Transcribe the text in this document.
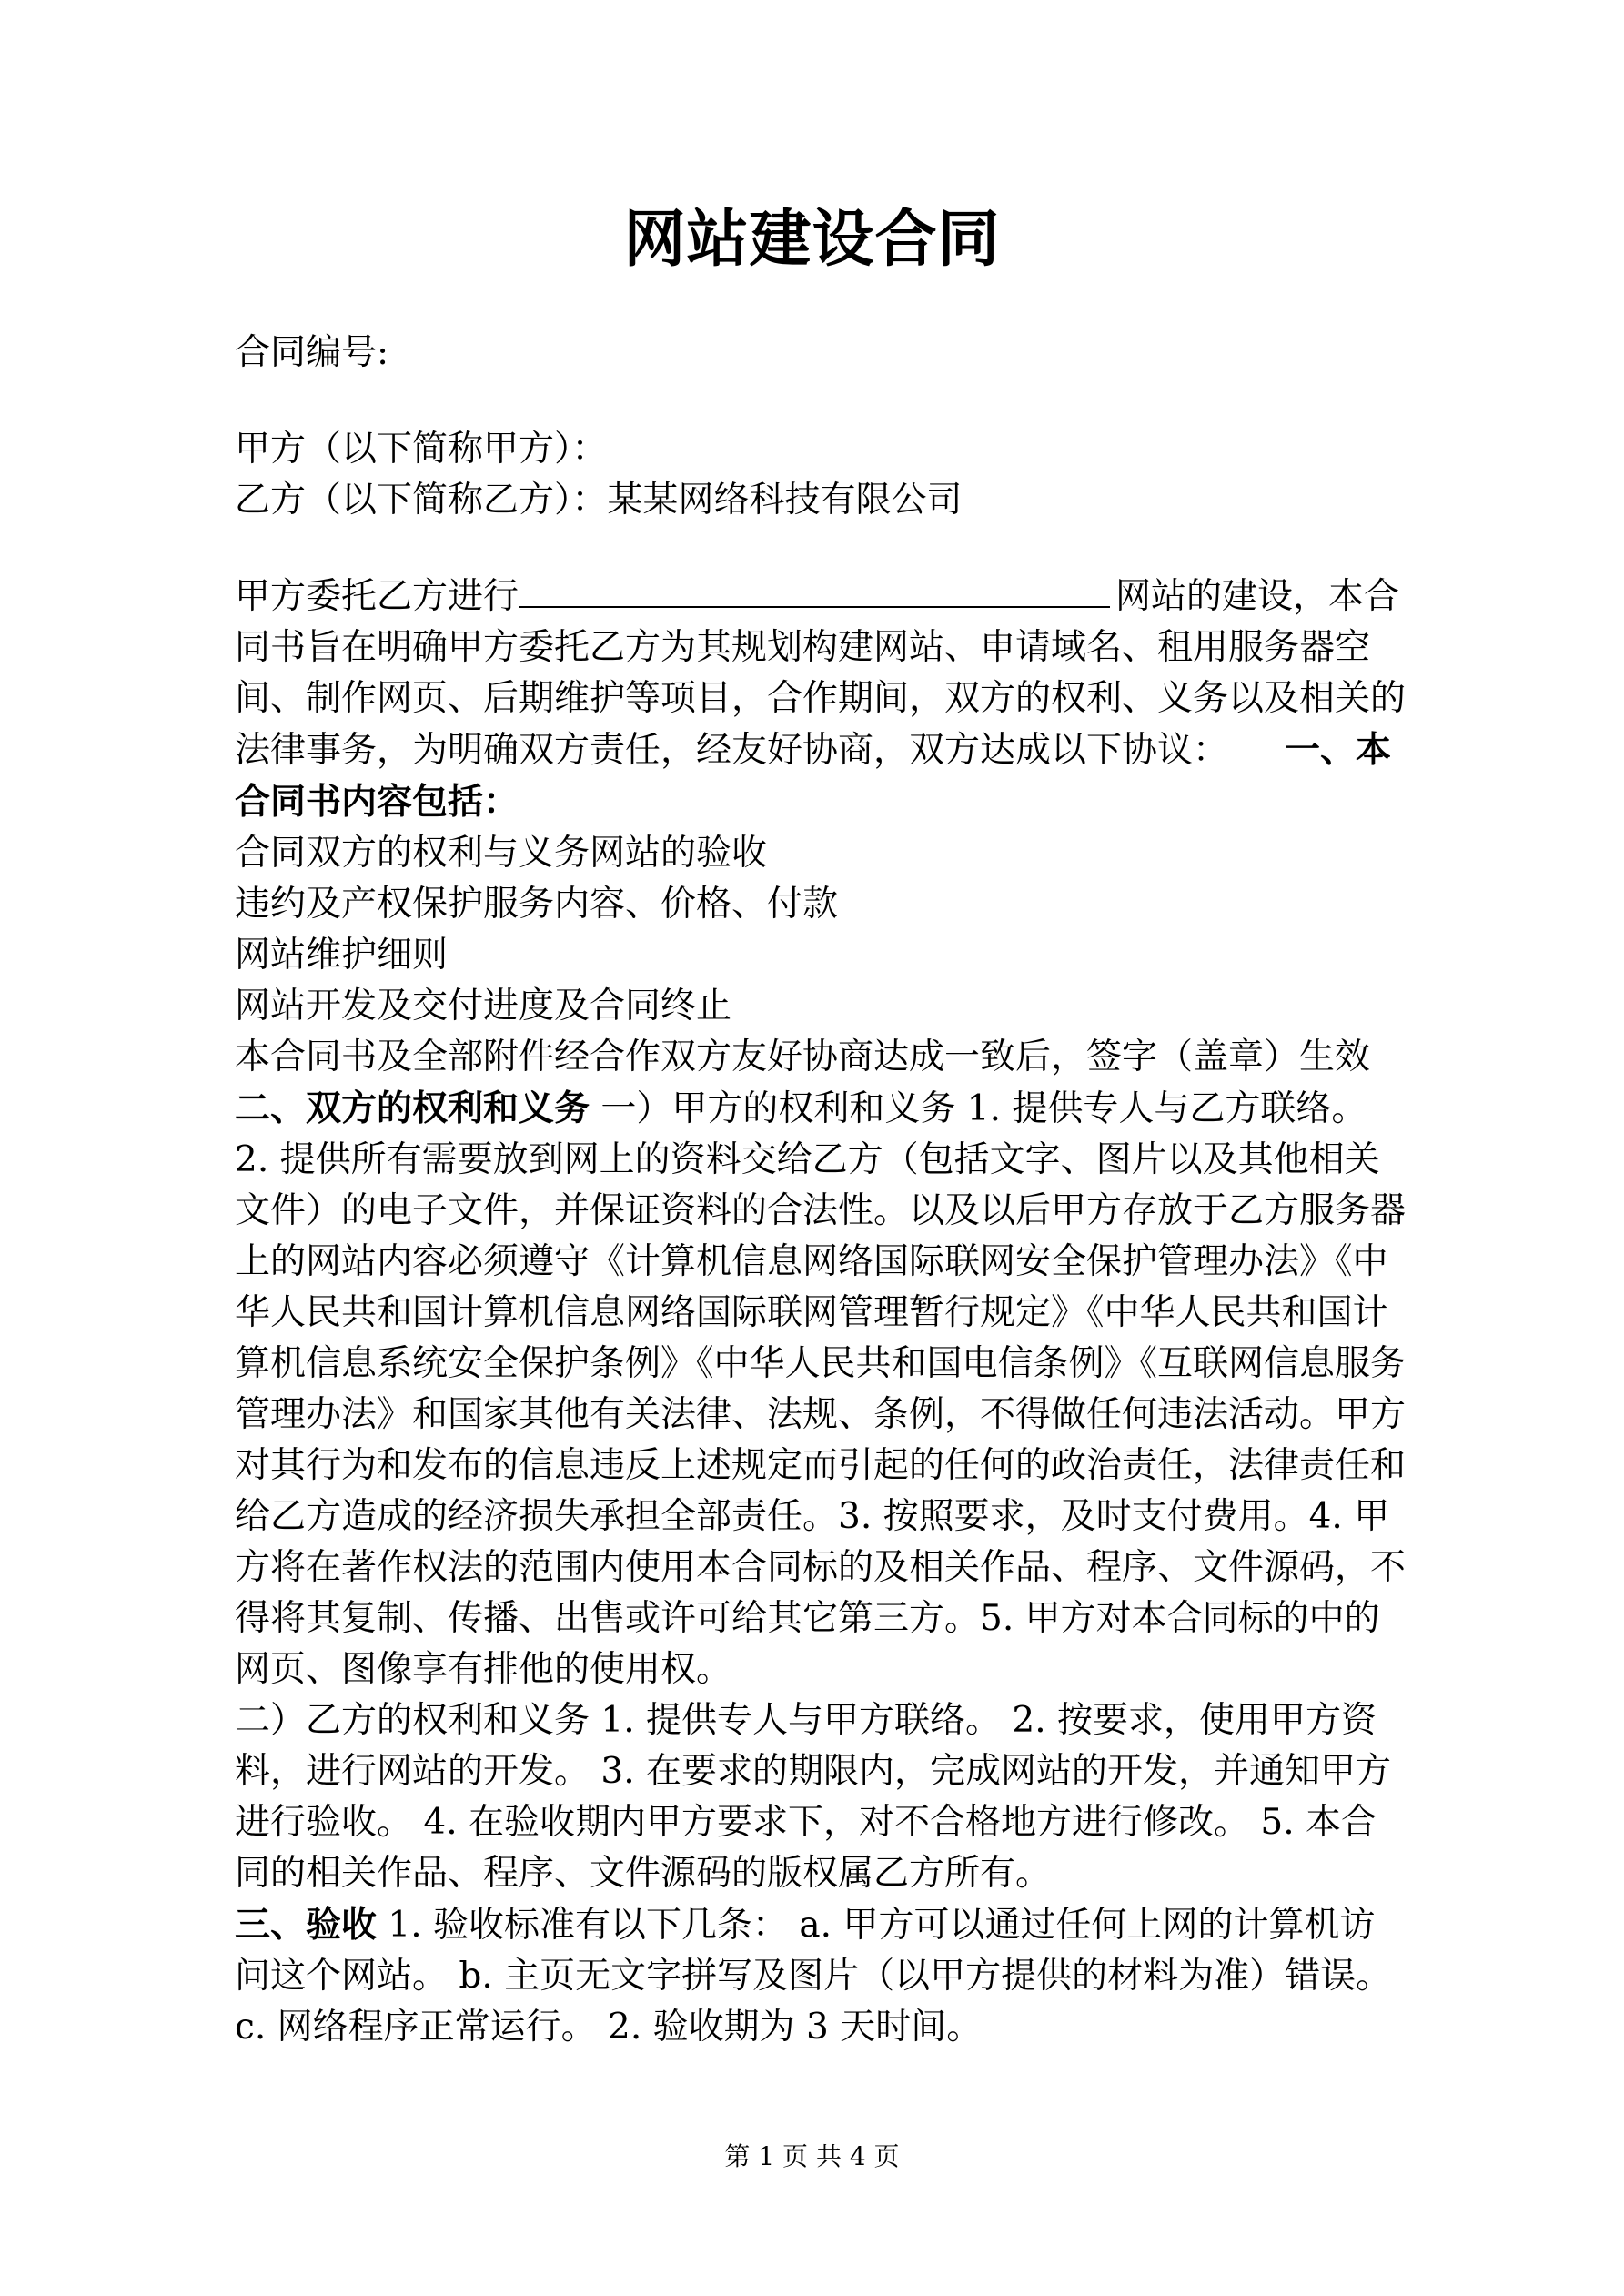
网站建设合同

合同编号:

甲方（以下简称甲方）：

乙方（以下简称乙方）：某某网络科技有限公司

甲方委托乙方进行	网站的建设，本合同书旨在明确甲方委托乙方为其规划构建网站、申请域名、租用服务器空间、制作网页、后期维护等项目，合作期间，双方的权利、义务以及相关的法律事务，为明确双方责任，经友好协商，双方达成以下协议： 一、本合同书内容包括：

合同双方的权利与义务网站的验收

违约及产权保护服务内容、价格、付款

网站维护细则

网站开发及交付进度及合同终止

本合同书及全部附件经合作双方友好协商达成一致后，签字（盖章）生效

二、双方的权利和义务 一）甲方的权利和义务 1. 提供专人与乙方联络。 2. 提供所有需要放到网上的资料交给乙方（包括文字、图片以及其他相关文件）的电子文件，并保证资料的合法性。以及以后甲方存放于乙方服务器上的网站内容必须遵守《计算机信息网络国际联网安全保护管理办法》《中华人民共和国计算机信息网络国际联网管理暂行规定》《中华人民共和国计算机信息系统安全保护条例》《中华人民共和国电信条例》《互联网信息服务管理办法》和国家其他有关法律、法规、条例，不得做任何违法活动。甲方对其行为和发布的信息违反上述规定而引起的任何的政治责任，法律责任和给乙方造成的经济损失承担全部责任。3. 按照要求，及时支付费用。4. 甲方将在著作权法的范围内使用本合同标的及相关作品、程序、文件源码，不得将其复制、传播、出售或许可给其它第三方。5. 甲方对本合同标的中的网页、图像享有排他的使用权。

二）乙方的权利和义务 1. 提供专人与甲方联络。 2. 按要求，使用甲方资料，进行网站的开发。 3. 在要求的期限内，完成网站的开发，并通知甲方进行验收。 4. 在验收期内甲方要求下，对不合格地方进行修改。 5. 本合同的相关作品、程序、文件源码的版权属乙方所有。

三、验收 1. 验收标准有以下几条： a. 甲方可以通过任何上网的计算机访问这个网站。 b. 主页无文字拼写及图片（以甲方提供的材料为准）错误。 c. 网络程序正常运行。 2. 验收期为 3 天时间。

第 1 页 共 4 页
